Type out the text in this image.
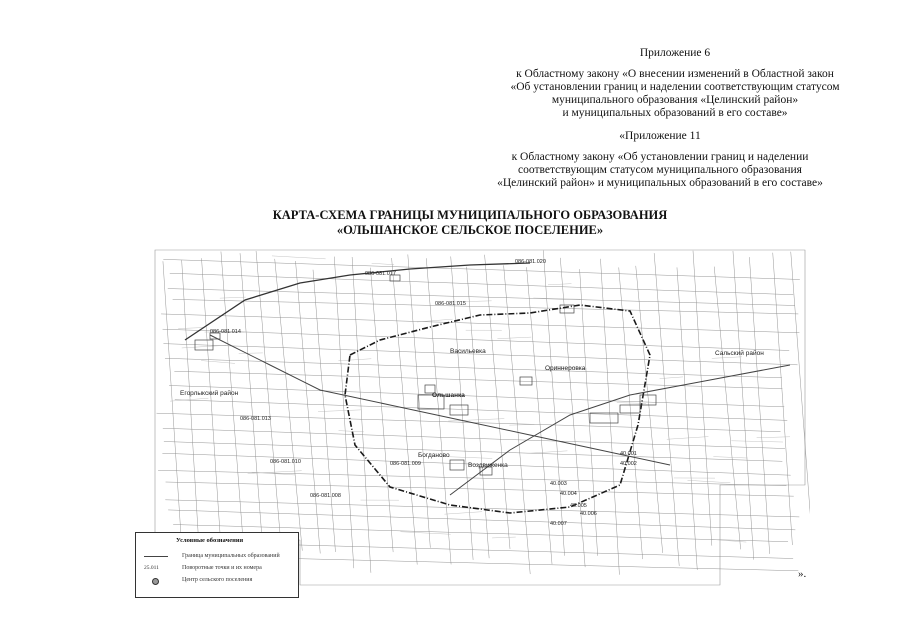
Приложение 6
к Областному закону «О внесении изменений в Областной закон
«Об установлении границ и наделении соответствующим статусом
муниципального образования «Целинский район»
и муниципальных образований в его составе»
«Приложение 11
к Областному закону «Об установлении границ и наделении
соответствующим статусом муниципального образования
«Целинский район» и муниципальных образований в его составе»
КАРТА-СХЕМА ГРАНИЦЫ МУНИЦИПАЛЬНОГО ОБРАЗОВАНИЯ
«ОЛЬШАНСКОЕ СЕЛЬСКОЕ ПОСЕЛЕНИЕ»
Ольшанка
Васильевка
Богданово
Воздвиженка
Ориннеровка
Егорлыкский район
Сальский район
086-081.020
086-081.017
086-081.015
086-081.014
086-081.013
086-081.010	086-081.009
086-081.008
40.001
40.002
40.003
40.004
40.005
40.006
40.007
Условные обозначения
Граница муниципальных образований
25.011	Поворотные точки и их номера
Центр сельского поселения	».
